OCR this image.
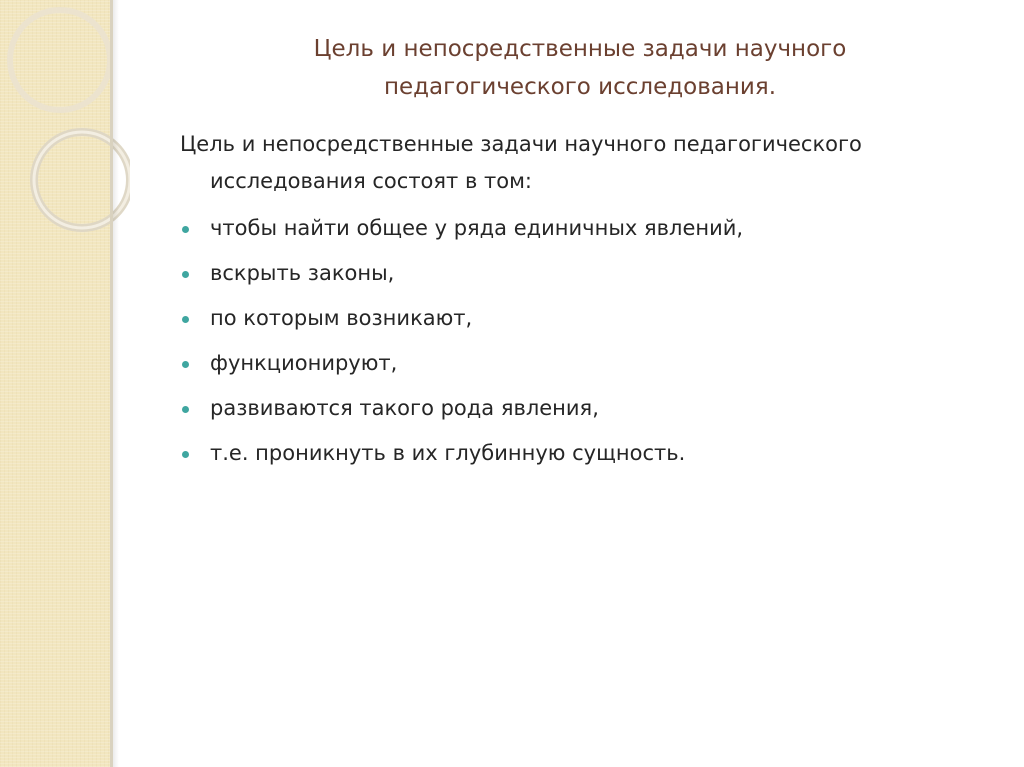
Цель и непосредственные задачи научного
педагогического исследования.

Цель и непосредственные задачи научного педагогического
исследования состоят в том:

чтобы найти общее у ряда единичных явлений,
вскрыть законы,
по которым возникают,
функционируют,
развиваются такого рода явления,
т.е. проникнуть в их глубинную сущность.
